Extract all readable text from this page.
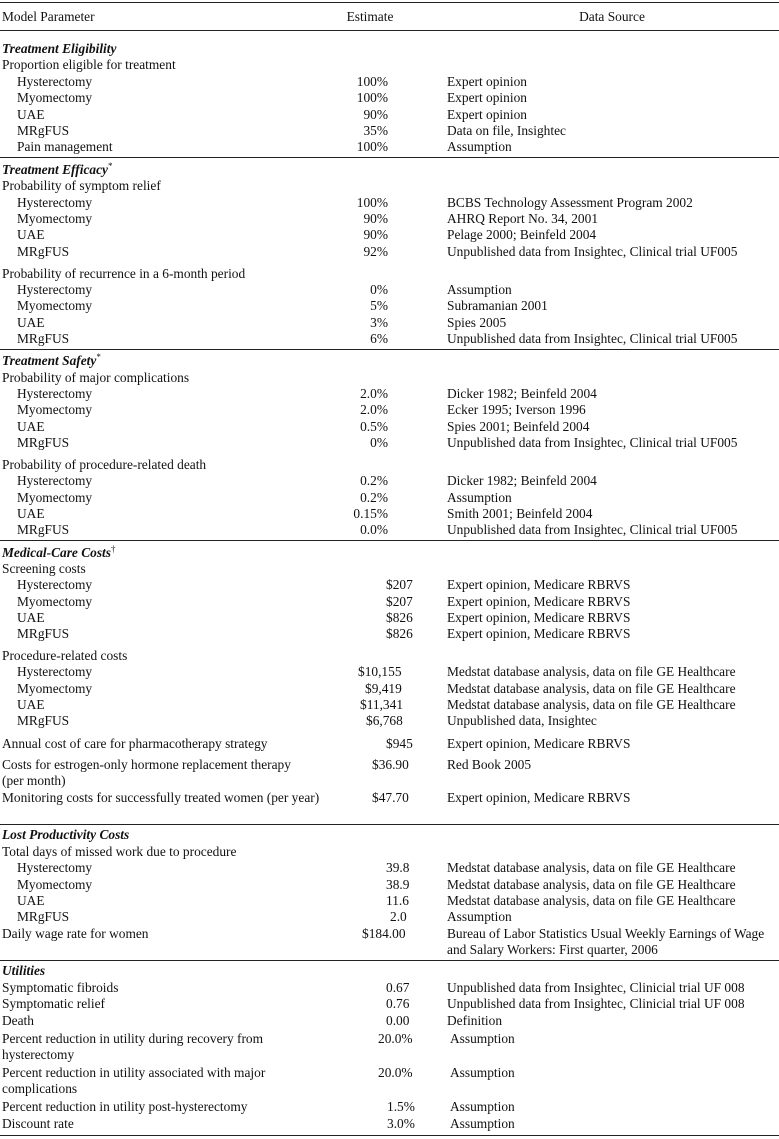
Model Parameter	Estimate	Data Source
Treatment Eligibility
Proportion eligible for treatment
Hysterectomy	100%	Expert opinion
Myomectomy	100%	Expert opinion
UAE	90%	Expert opinion
MRgFUS	35%	Data on file, Insightec
Pain management	100%	Assumption
Treatment Efficacy*
Probability of symptom relief
Hysterectomy	100%	BCBS Technology Assessment Program 2002
Myomectomy	90%	AHRQ Report No. 34, 2001
UAE	90%	Pelage 2000; Beinfeld 2004
MRgFUS	92%	Unpublished data from Insightec, Clinical trial UF005
Probability of recurrence in a 6-month period
Hysterectomy	0%	Assumption
Myomectomy	5%	Subramanian 2001
UAE	3%	Spies 2005
MRgFUS	6%	Unpublished data from Insightec, Clinical trial UF005
Treatment Safety*
Probability of major complications
Hysterectomy	2.0%	Dicker 1982; Beinfeld 2004
Myomectomy	2.0%	Ecker 1995; Iverson 1996
UAE	0.5%	Spies 2001; Beinfeld 2004
MRgFUS	0%	Unpublished data from Insightec, Clinical trial UF005
Probability of procedure-related death
Hysterectomy	0.2%	Dicker 1982; Beinfeld 2004
Myomectomy	0.2%	Assumption
UAE	0.15%	Smith 2001; Beinfeld 2004
MRgFUS	0.0%	Unpublished data from Insightec, Clinical trial UF005
Medical-Care Costs†
Screening costs
Hysterectomy	$207	Expert opinion, Medicare RBRVS
Myomectomy	$207	Expert opinion, Medicare RBRVS
UAE	$826	Expert opinion, Medicare RBRVS
MRgFUS	$826	Expert opinion, Medicare RBRVS
Procedure-related costs
Hysterectomy	$10,155	Medstat database analysis, data on file GE Healthcare
Myomectomy	$9,419	Medstat database analysis, data on file GE Healthcare
UAE	$11,341	Medstat database analysis, data on file GE Healthcare
MRgFUS	$6,768	Unpublished data, Insightec
Annual cost of care for pharmacotherapy strategy	$945	Expert opinion, Medicare RBRVS
Costs for estrogen-only hormone replacement therapy (per month)
$36.90	Red Book 2005
Monitoring costs for successfully treated women (per year)	$47.70	Expert opinion, Medicare RBRVS
Lost Productivity Costs
Total days of missed work due to procedure
Hysterectomy	39.8	Medstat database analysis, data on file GE Healthcare
Myomectomy	38.9	Medstat database analysis, data on file GE Healthcare
UAE	11.6	Medstat database analysis, data on file GE Healthcare
MRgFUS	2.0	Assumption
Daily wage rate for women	$184.00	Bureau of Labor Statistics Usual Weekly Earnings of Wage and Salary Workers: First quarter, 2006
Utilities
Symptomatic fibroids	0.67	Unpublished data from Insightec, Clinicial trial UF 008
Symptomatic relief	0.76	Unpublished data from Insightec, Clinicial trial UF 008
Death	0.00	Definition
Percent reduction in utility during recovery from hysterectomy
20.0%	Assumption
Percent reduction in utility associated with major complications
20.0%	Assumption
Percent reduction in utility post-hysterectomy	1.5%	Assumption
Discount rate	3.0%	Assumption
